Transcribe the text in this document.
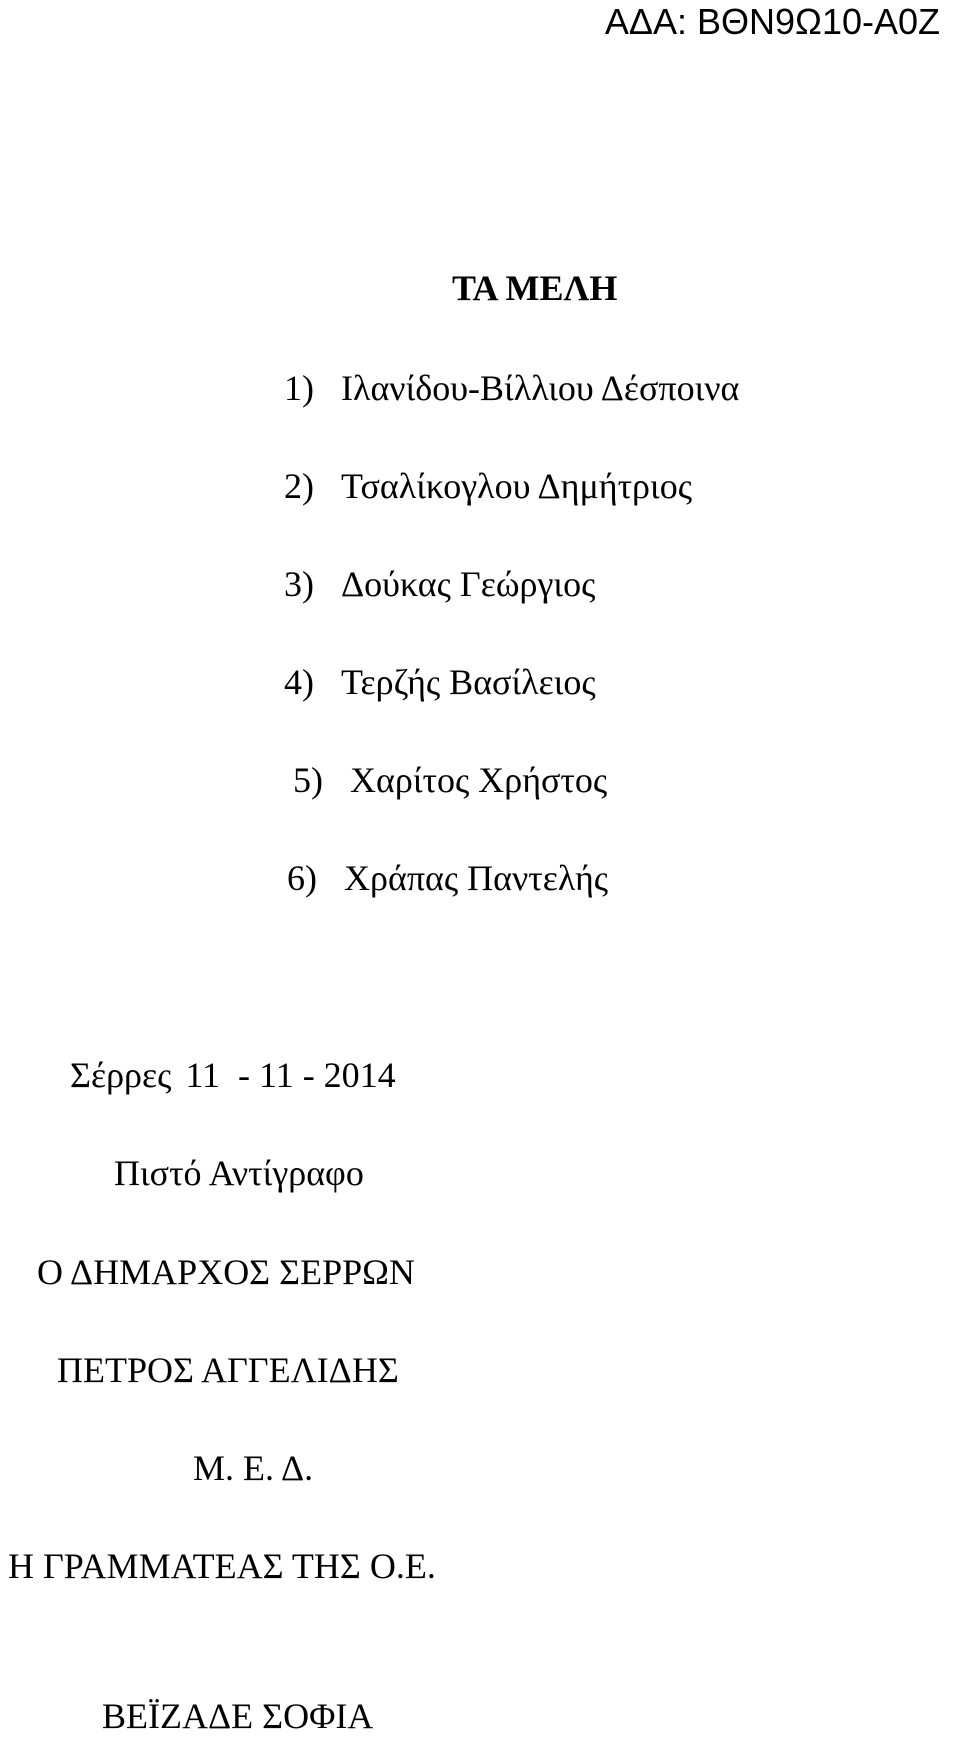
ΑΔΑ: ΒΘΝ9Ω10-Α0Ζ
ΤΑ ΜΕΛΗ
1) Ιλανίδου-Βίλλιου Δέσποινα
2) Τσαλίκογλου Δημήτριος
3) Δούκας Γεώργιος
4) Τερζής Βασίλειος
5) Χαρίτος Χρήστος
6) Χράπας Παντελής
Σέρρες 11  - 11 - 2014
Πιστό Αντίγραφο
Ο ΔΗΜΑΡΧΟΣ ΣΕΡΡΩΝ
ΠΕΤΡΟΣ ΑΓΓΕΛΙΔΗΣ
Μ. Ε. Δ.
Η ΓΡΑΜΜΑΤΕΑΣ ΤΗΣ Ο.Ε.
ΒΕΪΖΑΔΕ ΣΟΦΙΑ
